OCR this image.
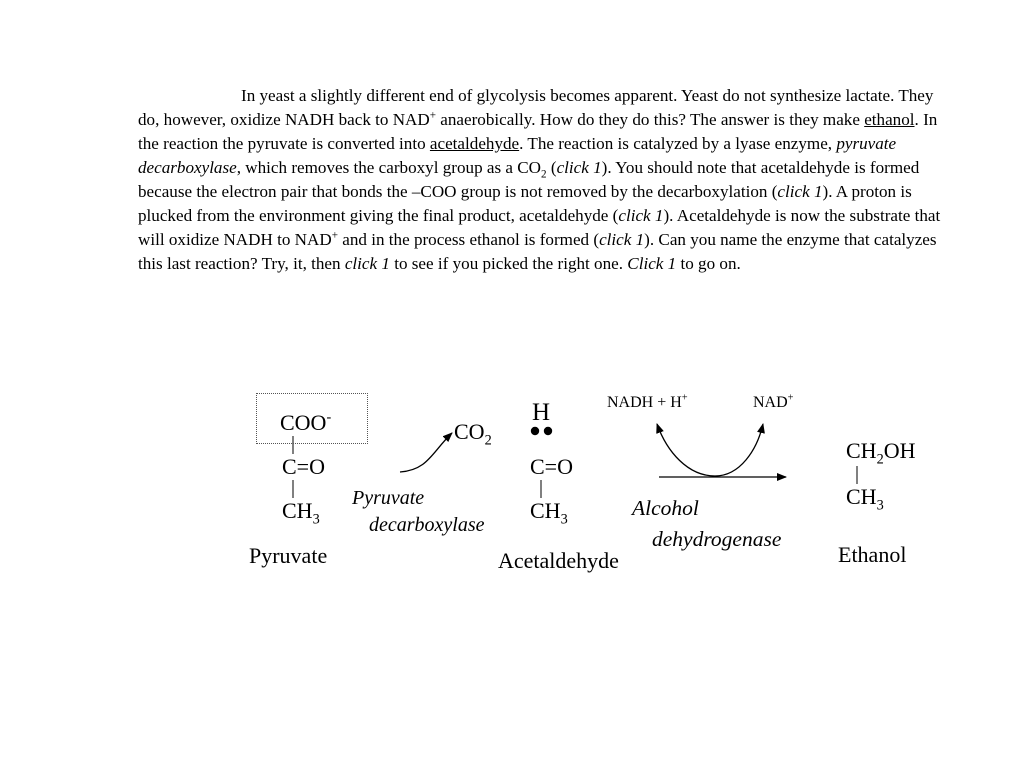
In yeast a slightly different end of glycolysis becomes apparent. Yeast do not synthesize lactate. They do, however, oxidize NADH back to NAD+ anaerobically. How do they do this? The answer is they make ethanol. In the reaction the pyruvate is converted into acetaldehyde. The reaction is catalyzed by a lyase enzyme, pyruvate decarboxylase, which removes the carboxyl group as a $CO_2$ (click 1). You should note that acetaldehyde is formed because the electron pair that bonds the –COO group is not removed by the decarboxylation (click 1). A proton is plucked from the environment giving the final product, acetaldehyde (click 1). Acetaldehyde is now the substrate that will oxidize NADH to NAD+ and in the process ethanol is formed (click 1). Can you name the enzyme that catalyzes this last reaction? Try, it, then click 1 to see if you picked the right one. Click 1 to go on.

COO-
C=O
$CH_3$
Pyruvate
$CO_2$
Pyruvate
decarboxylase
H
C=O
$CH_3$
Acetaldehyde
NADH + H+	NAD+
Alcohol
dehydrogenase
$CH_2OH$
$CH_3$
Ethanol
